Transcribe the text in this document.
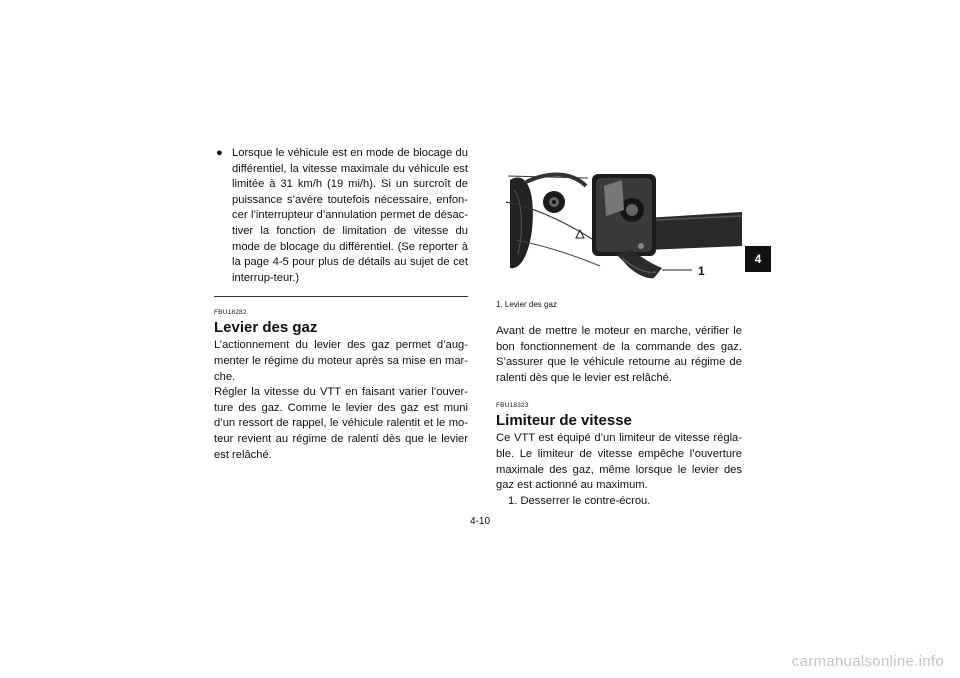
● Lorsque le véhicule est en mode de blocage du différentiel, la vitesse maximale du véhicule est limitée à 31 km/h (19 mi/h). Si un surcroît de puissance s’avère toutefois nécessaire, enfon-cer l’interrupteur d’annulation permet de désac-tiver la fonction de limitation de vitesse du mode de blocage du différentiel. (Se reporter à la page 4-5 pour plus de détails au sujet de cet interrup-teur.)

FBU18282

Levier des gaz

L’actionnement du levier des gaz permet d’aug-menter le régime du moteur après sa mise en mar-che.

Régler la vitesse du VTT en faisant varier l’ouver-ture des gaz. Comme le levier des gaz est muni d’un ressort de rappel, le véhicule ralentit et le mo-teur revient au régime de ralenti dès que le levier est relâché.

1

1. Levier des gaz

Avant de mettre le moteur en marche, vérifier le bon fonctionnement de la commande des gaz. S’assurer que le véhicule retourne au régime de ralenti dès que le levier est relâché.

FBU18323

Limiteur de vitesse

Ce VTT est équipé d’un limiteur de vitesse régla-ble. Le limiteur de vitesse empêche l’ouverture maximale des gaz, même lorsque le levier des gaz est actionné au maximum.

1. Desserrer le contre-écrou.

4
4-10
carmanualsonline.info
